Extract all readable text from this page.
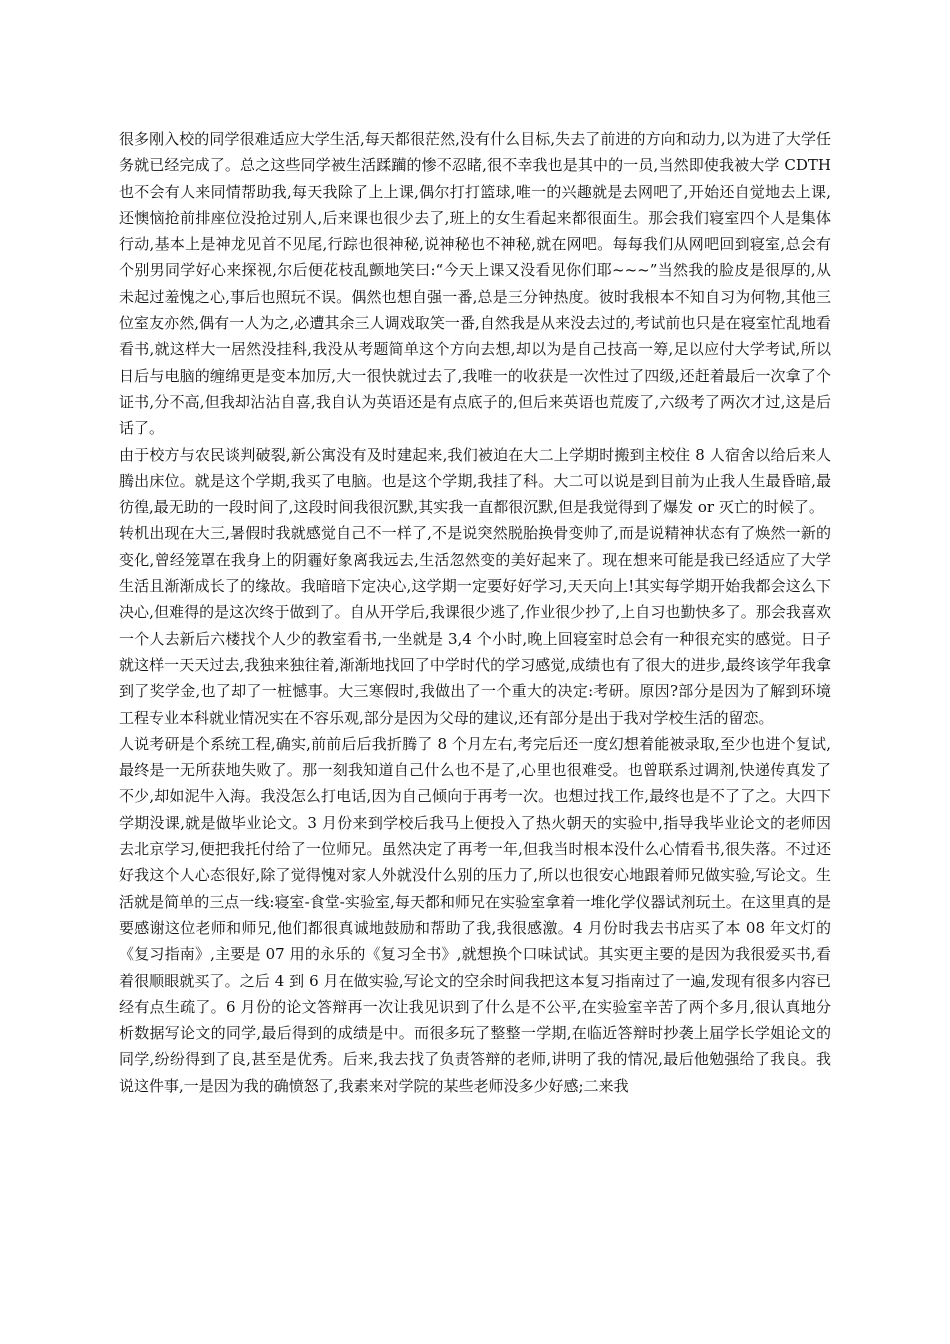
很多刚入校的同学很难适应大学生活,每天都很茫然,没有什么目标,失去了前进的方向和动力,以为进了大学任务就已经完成了。总之这些同学被生活蹂躏的惨不忍睹,很不幸我也是其中的一员,当然即使我被大学 CDTH 也不会有人来同情帮助我,每天我除了上上课,偶尔打打篮球,唯一的兴趣就是去网吧了,开始还自觉地去上课,还懊恼抢前排座位没抢过别人,后来课也很少去了,班上的女生看起来都很面生。那会我们寝室四个人是集体行动,基本上是神龙见首不见尾,行踪也很神秘,说神秘也不神秘,就在网吧。每每我们从网吧回到寝室,总会有个别男同学好心来探视,尔后便花枝乱颤地笑曰:“今天上课又没看见你们耶~~~”当然我的脸皮是很厚的,从未起过羞愧之心,事后也照玩不误。偶然也想自强一番,总是三分钟热度。彼时我根本不知自习为何物,其他三位室友亦然,偶有一人为之,必遭其余三人调戏取笑一番,自然我是从来没去过的,考试前也只是在寝室忙乱地看看书,就这样大一居然没挂科,我没从考题简单这个方向去想,却以为是自己技高一筹,足以应付大学考试,所以日后与电脑的缠绵更是变本加厉,大一很快就过去了,我唯一的收获是一次性过了四级,还赶着最后一次拿了个证书,分不高,但我却沾沾自喜,我自认为英语还是有点底子的,但后来英语也荒废了,六级考了两次才过,这是后话了。

由于校方与农民谈判破裂,新公寓没有及时建起来,我们被迫在大二上学期时搬到主校住 8 人宿舍以给后来人腾出床位。就是这个学期,我买了电脑。也是这个学期,我挂了科。大二可以说是到目前为止我人生最昏暗,最彷徨,最无助的一段时间了,这段时间我很沉默,其实我一直都很沉默,但是我觉得到了爆发 or 灭亡的时候了。

转机出现在大三,暑假时我就感觉自己不一样了,不是说突然脱胎换骨变帅了,而是说精神状态有了焕然一新的变化,曾经笼罩在我身上的阴霾好象离我远去,生活忽然变的美好起来了。现在想来可能是我已经适应了大学生活且渐渐成长了的缘故。我暗暗下定决心,这学期一定要好好学习,天天向上!其实每学期开始我都会这么下决心,但难得的是这次终于做到了。自从开学后,我课很少逃了,作业很少抄了,上自习也勤快多了。那会我喜欢一个人去新后六楼找个人少的教室看书,一坐就是 3,4 个小时,晚上回寝室时总会有一种很充实的感觉。日子就这样一天天过去,我独来独往着,渐渐地找回了中学时代的学习感觉,成绩也有了很大的进步,最终该学年我拿到了奖学金,也了却了一桩憾事。大三寒假时,我做出了一个重大的决定:考研。原因?部分是因为了解到环境工程专业本科就业情况实在不容乐观,部分是因为父母的建议,还有部分是出于我对学校生活的留恋。

人说考研是个系统工程,确实,前前后后我折腾了 8 个月左右,考完后还一度幻想着能被录取,至少也进个复试,最终是一无所获地失败了。那一刻我知道自己什么也不是了,心里也很难受。也曾联系过调剂,快递传真发了不少,却如泥牛入海。我没怎么打电话,因为自己倾向于再考一次。也想过找工作,最终也是不了了之。大四下学期没课,就是做毕业论文。3 月份来到学校后我马上便投入了热火朝天的实验中,指导我毕业论文的老师因去北京学习,便把我托付给了一位师兄。虽然决定了再考一年,但我当时根本没什么心情看书,很失落。不过还好我这个人心态很好,除了觉得愧对家人外就没什么别的压力了,所以也很安心地跟着师兄做实验,写论文。生活就是简单的三点一线:寝室-食堂-实验室,每天都和师兄在实验室拿着一堆化学仪器试剂玩土。在这里真的是要感谢这位老师和师兄,他们都很真诚地鼓励和帮助了我,我很感激。4 月份时我去书店买了本 08 年文灯的《复习指南》,主要是 07 用的永乐的《复习全书》,就想换个口味试试。其实更主要的是因为我很爱买书,看着很顺眼就买了。之后 4 到 6 月在做实验,写论文的空余时间我把这本复习指南过了一遍,发现有很多内容已经有点生疏了。6 月份的论文答辩再一次让我见识到了什么是不公平,在实验室辛苦了两个多月,很认真地分析数据写论文的同学,最后得到的成绩是中。而很多玩了整整一学期,在临近答辩时抄袭上届学长学姐论文的同学,纷纷得到了良,甚至是优秀。后来,我去找了负责答辩的老师,讲明了我的情况,最后他勉强给了我良。我说这件事,一是因为我的确愤怒了,我素来对学院的某些老师没多少好感;二来我
